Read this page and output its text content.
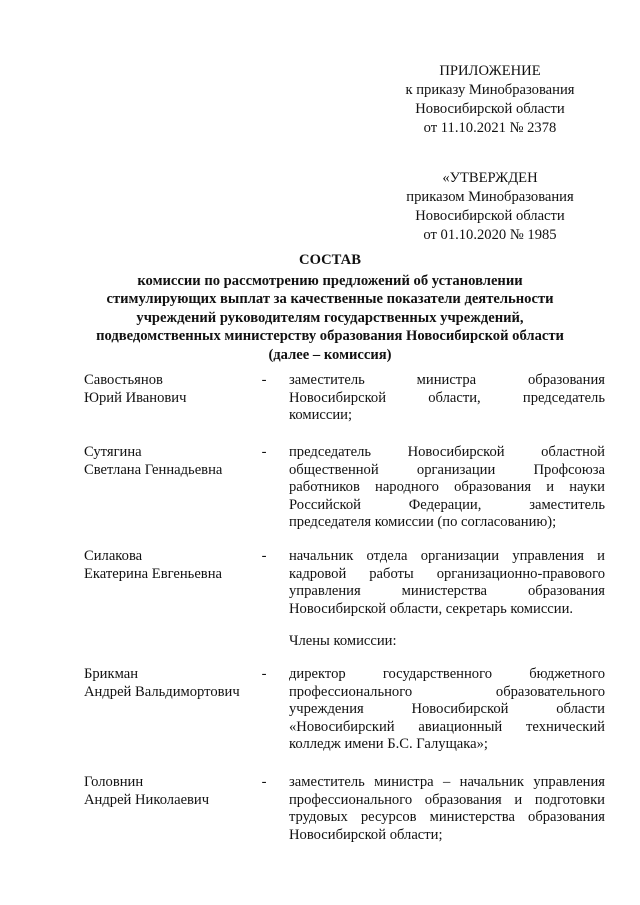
ПРИЛОЖЕНИЕ
к приказу Минобразования
Новосибирской области
от 11.10.2021 № 2378
«УТВЕРЖДЕН
приказом Минобразования
Новосибирской области
от 01.10.2020 № 1985
СОСТАВ
комиссии по рассмотрению предложений об установлении
стимулирующих выплат за качественные показатели деятельности
учреждений руководителям государственных учреждений,
подведомственных министерству образования Новосибирской области
(далее – комиссия)
Савостьянов
Юрий Иванович
- заместитель министра образования
Новосибирской области, председатель
комиссии;
Сутягина
Светлана Геннадьевна
- председатель Новосибирской областной
общественной организации Профсоюза
работников народного образования и науки
Российской Федерации, заместитель
председателя комиссии (по согласованию);
Силакова
Екатерина Евгеньевна
- начальник отдела организации управления и
кадровой работы организационно-правового
управления министерства образования
Новосибирской области, секретарь комиссии.
Брикман
Андрей Вальдимортович
- директор государственного бюджетного
профессионального образовательного
учреждения Новосибирской области
«Новосибирский авиационный технический
колледж имени Б.С. Галущака»;
Головнин
Андрей Николаевич
- заместитель министра – начальник управления
профессионального образования и подготовки
трудовых ресурсов министерства образования
Новосибирской области;
Члены комиссии:
